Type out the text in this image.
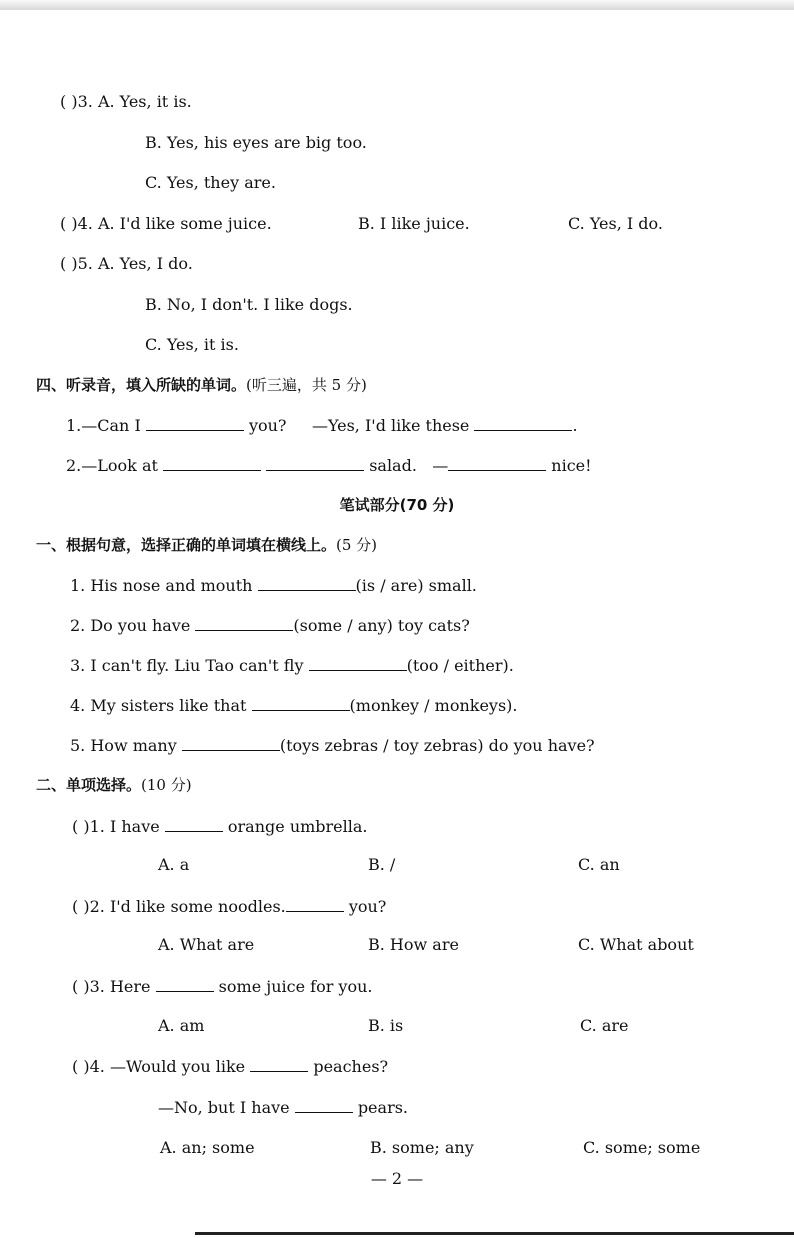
( )3. A. Yes, it is.
B. Yes, his eyes are big too.
C. Yes, they are.
( )4. A. I'd like some juice.	B. I like juice.	C. Yes, I do.
( )5. A. Yes, I do.
B. No, I don't. I like dogs.
C. Yes, it is.
四、听录音，填入所缺的单词。(听三遍，共 5 分)
1.—Can I	you? —Yes, I'd like these	.
2.—Look at	salad. —	nice!
笔试部分(70 分)
一、根据句意，选择正确的单词填在横线上。(5 分)
1. His nose and mouth	(is / are) small.
2. Do you have	(some / any) toy cats?
3. I can't fly. Liu Tao can't fly	(too / either).
4. My sisters like that	(monkey / monkeys).
5. How many	(toys zebras / toy zebras) do you have?
二、单项选择。(10 分)
( )1. I have	orange umbrella.
A. a	B. /	C. an
( )2. I'd like some noodles.	you?
A. What are	B. How are	C. What about
( )3. Here	some juice for you.
A. am	B. is	C. are
( )4. —Would you like	peaches?
—No, but I have	pears.
A. an; some	B. some; any	C. some; some
— 2 —
